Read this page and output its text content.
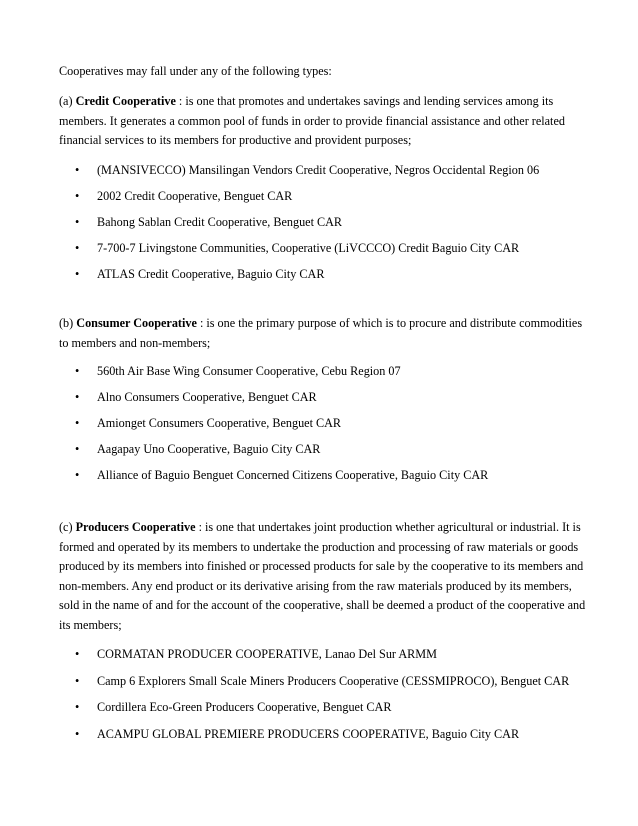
Cooperatives may fall under any of the following types:

(a) Credit Cooperative : is one that promotes and undertakes savings and lending services among its members. It generates a common pool of funds in order to provide financial assistance and other related financial services to its members for productive and provident purposes;

• (MANSIVECCO) Mansilingan Vendors Credit Cooperative, Negros Occidental Region 06
• 2002 Credit Cooperative, Benguet CAR
• Bahong Sablan Credit Cooperative, Benguet CAR
• 7-700-7 Livingstone Communities, Cooperative (LiVCCCO) Credit Baguio City CAR
• ATLAS Credit Cooperative, Baguio City CAR

(b) Consumer Cooperative : is one the primary purpose of which is to procure and distribute commodities to members and non-members;

• 560th Air Base Wing Consumer Cooperative, Cebu Region 07
• Alno Consumers Cooperative, Benguet CAR
• Amionget Consumers Cooperative, Benguet CAR
• Aagapay Uno Cooperative, Baguio City CAR
• Alliance of Baguio Benguet Concerned Citizens Cooperative, Baguio City CAR

(c) Producers Cooperative : is one that undertakes joint production whether agricultural or industrial. It is formed and operated by its members to undertake the production and processing of raw materials or goods produced by its members into finished or processed products for sale by the cooperative to its members and non-members. Any end product or its derivative arising from the raw materials produced by its members, sold in the name of and for the account of the cooperative, shall be deemed a product of the cooperative and its members;

• CORMATAN PRODUCER COOPERATIVE, Lanao Del Sur ARMM
• Camp 6 Explorers Small Scale Miners Producers Cooperative (CESSMIPROCO), Benguet CAR
• Cordillera Eco-Green Producers Cooperative, Benguet CAR
• ACAMPU GLOBAL PREMIERE PRODUCERS COOPERATIVE, Baguio City CAR
